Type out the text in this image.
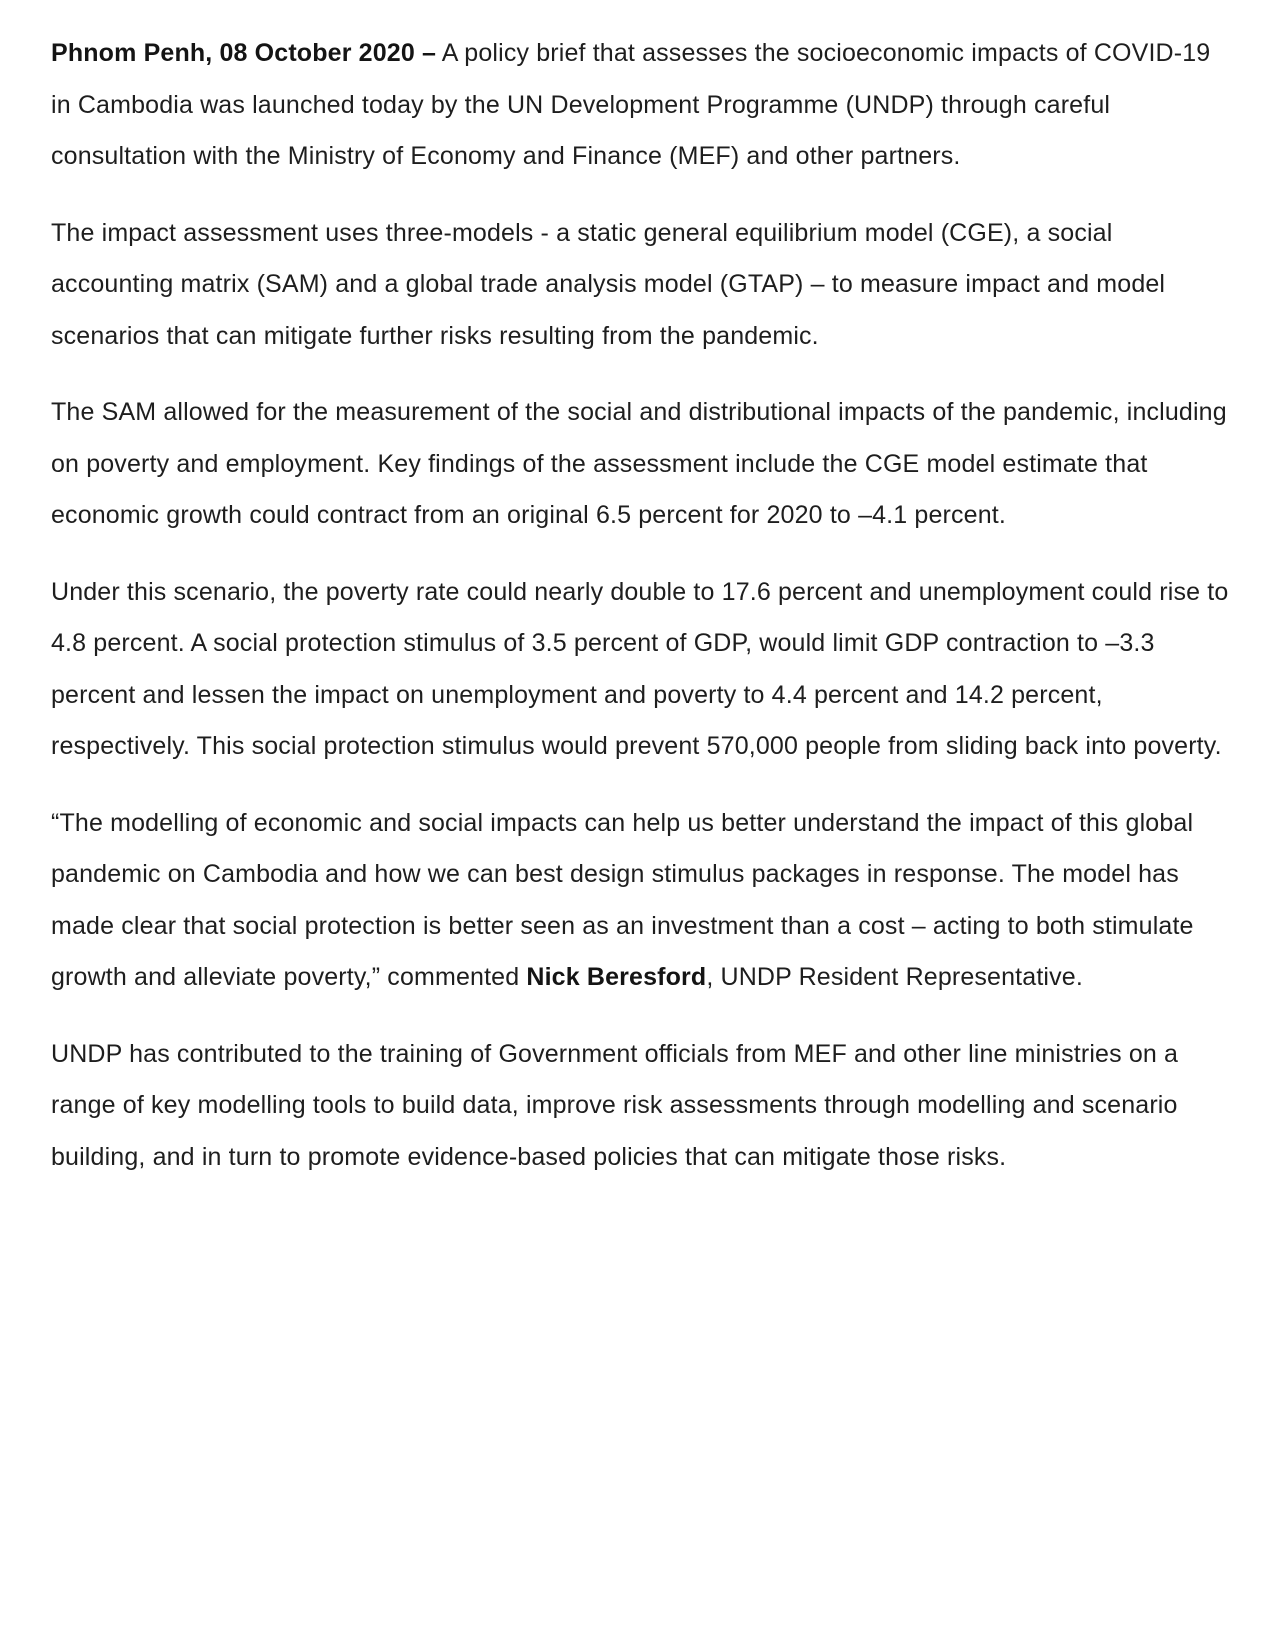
Phnom Penh, 08 October 2020 – A policy brief that assesses the socioeconomic impacts of COVID-19 in Cambodia was launched today by the UN Development Programme (UNDP) through careful consultation with the Ministry of Economy and Finance (MEF) and other partners.

The impact assessment uses three-models - a static general equilibrium model (CGE), a social accounting matrix (SAM) and a global trade analysis model (GTAP) – to measure impact and model scenarios that can mitigate further risks resulting from the pandemic.

The SAM allowed for the measurement of the social and distributional impacts of the pandemic, including on poverty and employment. Key findings of the assessment include the CGE model estimate that economic growth could contract from an original 6.5 percent for 2020 to –4.1 percent.

Under this scenario, the poverty rate could nearly double to 17.6 percent and unemployment could rise to 4.8 percent. A social protection stimulus of 3.5 percent of GDP, would limit GDP contraction to –3.3 percent and lessen the impact on unemployment and poverty to 4.4 percent and 14.2 percent, respectively. This social protection stimulus would prevent 570,000 people from sliding back into poverty.

“The modelling of economic and social impacts can help us better understand the impact of this global pandemic on Cambodia and how we can best design stimulus packages in response. The model has made clear that social protection is better seen as an investment than a cost – acting to both stimulate growth and alleviate poverty,” commented Nick Beresford, UNDP Resident Representative.

UNDP has contributed to the training of Government officials from MEF and other line ministries on a range of key modelling tools to build data, improve risk assessments through modelling and scenario building, and in turn to promote evidence-based policies that can mitigate those risks.
